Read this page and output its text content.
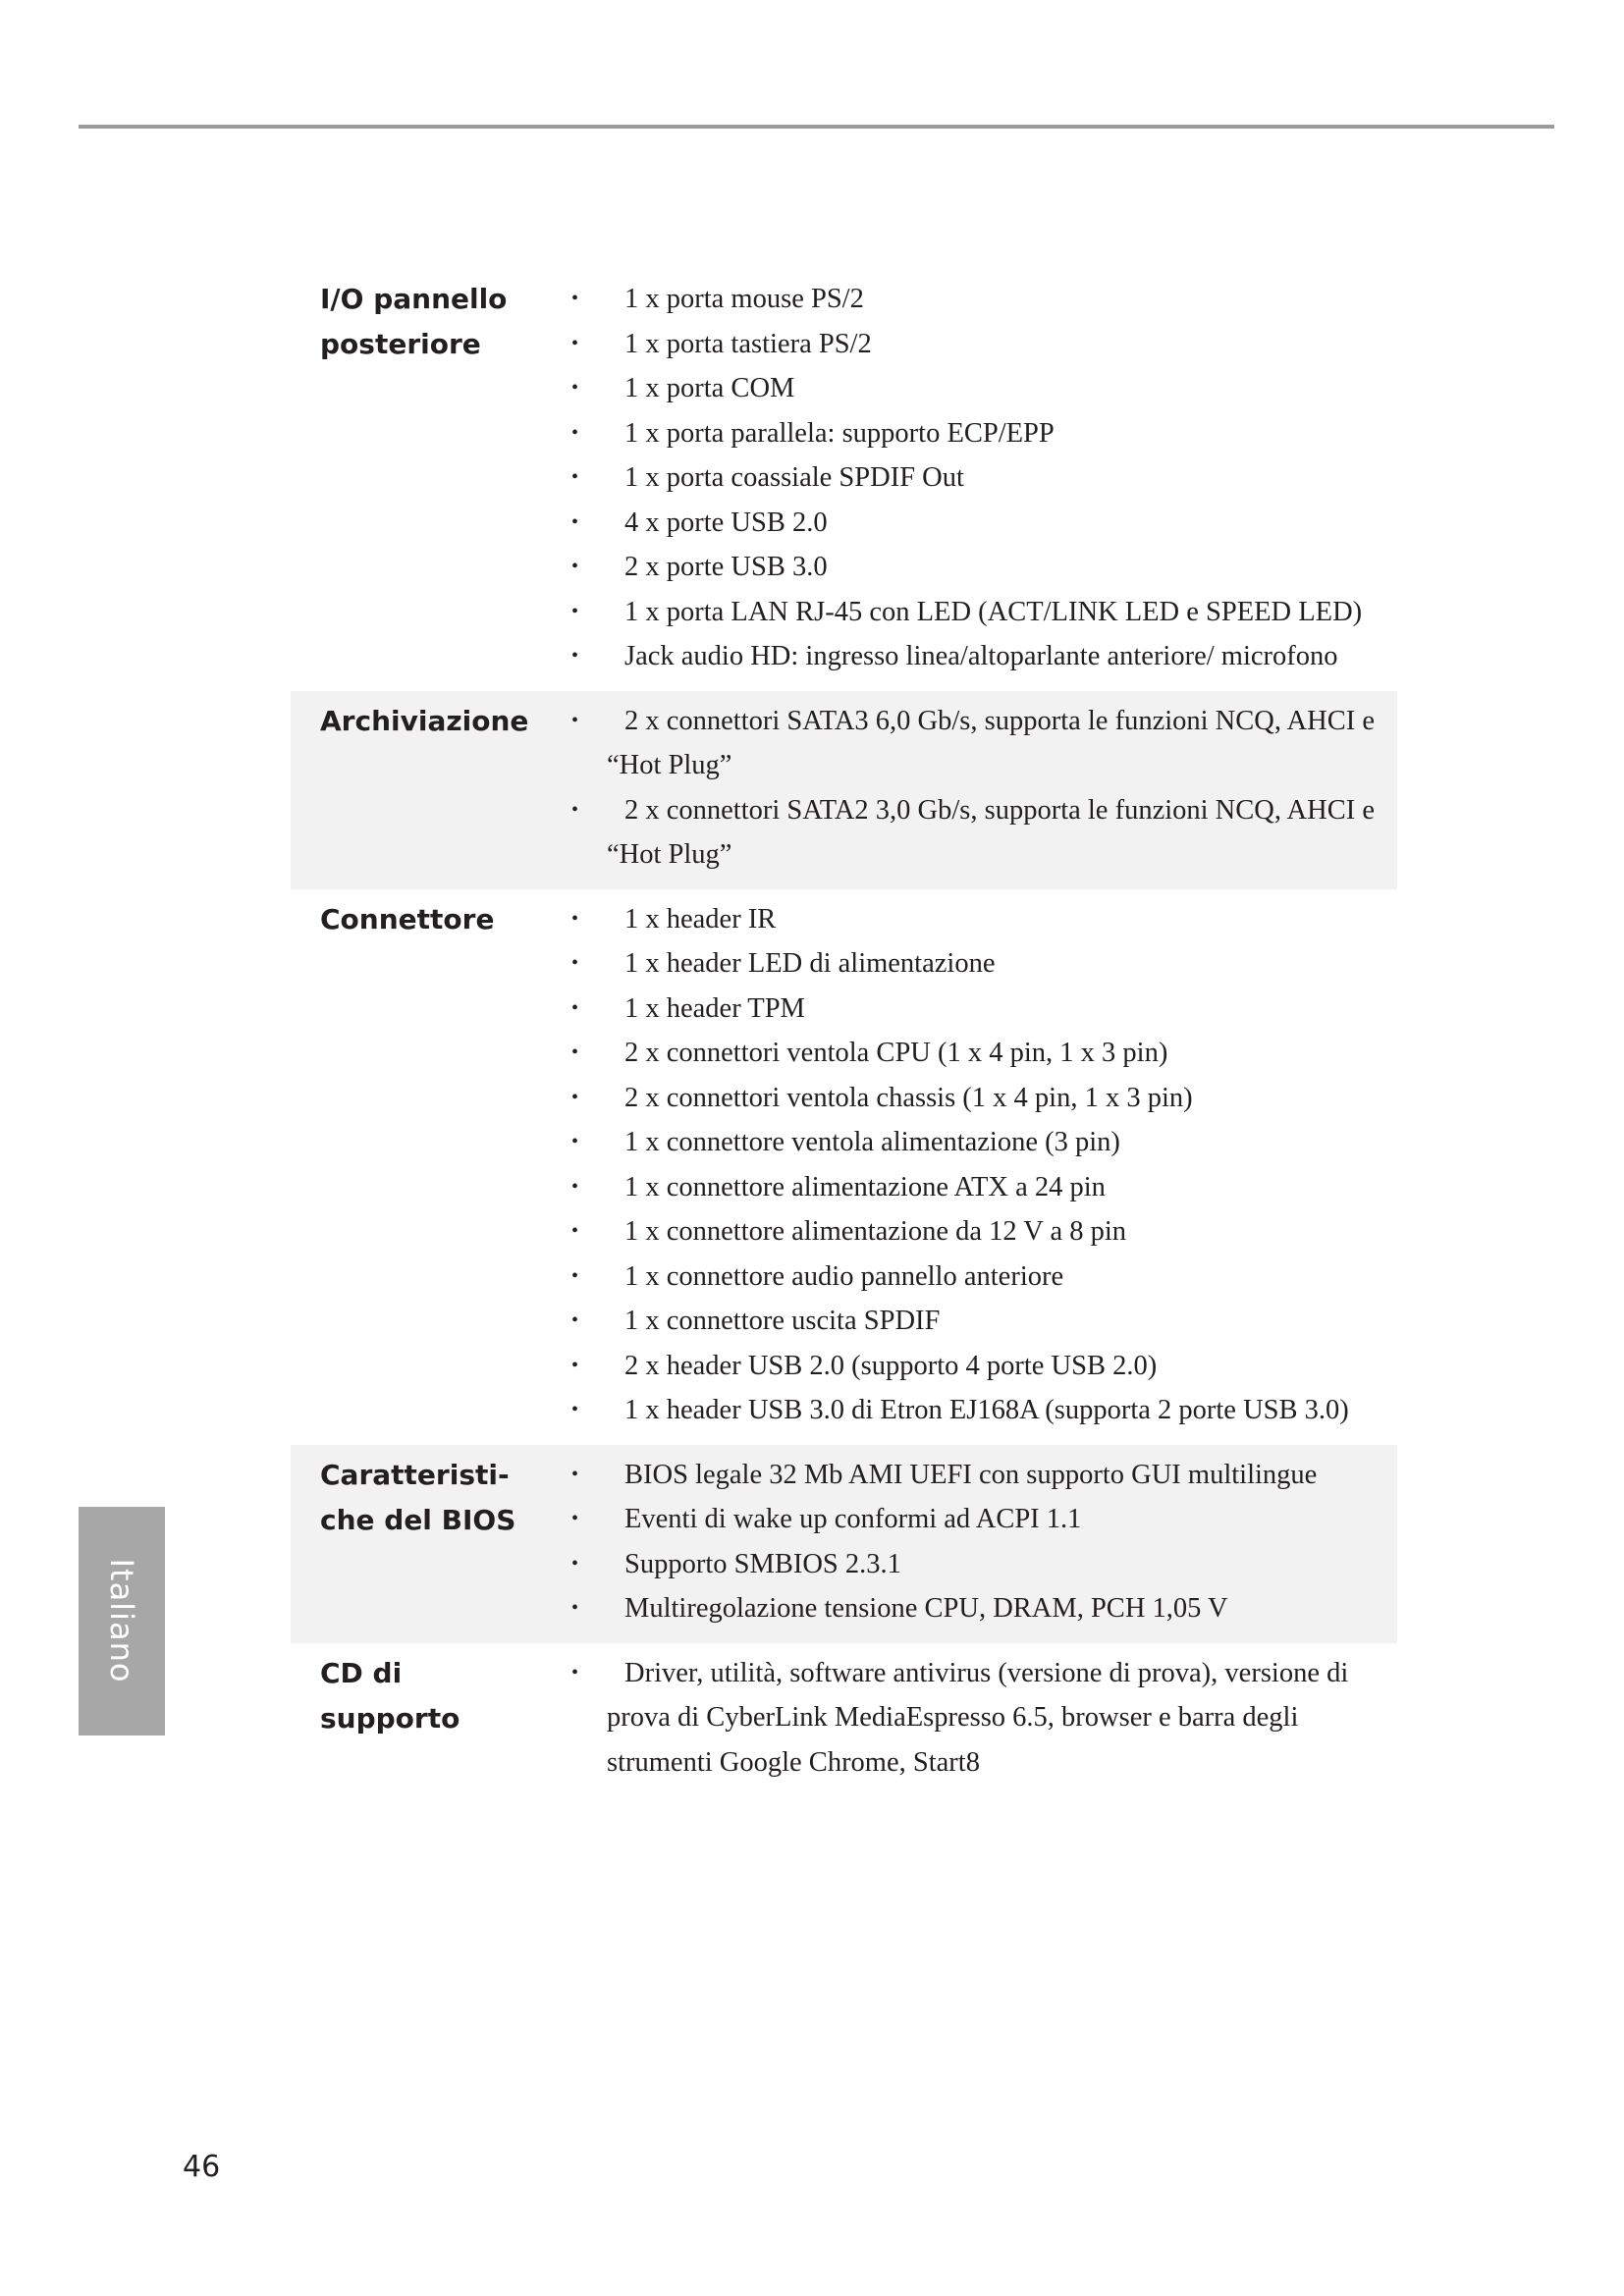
I/O pannello
posteriore
• 1 x porta mouse PS/2
• 1 x porta tastiera PS/2
• 1 x porta COM
• 1 x porta parallela: supporto ECP/EPP
• 1 x porta coassiale SPDIF Out
• 4 x porte USB 2.0
• 2 x porte USB 3.0
• 1 x porta LAN RJ-45 con LED (ACT/LINK LED e SPEED LED)
• Jack audio HD: ingresso linea/altoparlante anteriore/ microfono
Archiviazione	• 2 x connettori SATA3 6,0 Gb/s, supporta le funzioni NCQ, AHCI e “Hot Plug”
• 2 x connettori SATA2 3,0 Gb/s, supporta le funzioni NCQ, AHCI e “Hot Plug”
Connettore	• 1 x header IR
• 1 x header LED di alimentazione
• 1 x header TPM
• 2 x connettori ventola CPU (1 x 4 pin, 1 x 3 pin)
• 2 x connettori ventola chassis (1 x 4 pin, 1 x 3 pin)
• 1 x connettore ventola alimentazione (3 pin)
• 1 x connettore alimentazione ATX a 24 pin
• 1 x connettore alimentazione da 12 V a 8 pin
• 1 x connettore audio pannello anteriore
• 1 x connettore uscita SPDIF
• 2 x header USB 2.0 (supporto 4 porte USB 2.0)
• 1 x header USB 3.0 di Etron EJ168A (supporta 2 porte USB 3.0)
Caratteristi-
che del BIOS
• BIOS legale 32 Mb AMI UEFI con supporto GUI multilingue
• Eventi di wake up conformi ad ACPI 1.1
• Supporto SMBIOS 2.3.1
• Multiregolazione tensione CPU, DRAM, PCH 1,05 V
CD di
supporto
• Driver, utilità, software antivirus (versione di prova), versione di prova di CyberLink MediaEspresso 6.5, browser e barra degli strumenti Google Chrome, Start8
Italiano
46
